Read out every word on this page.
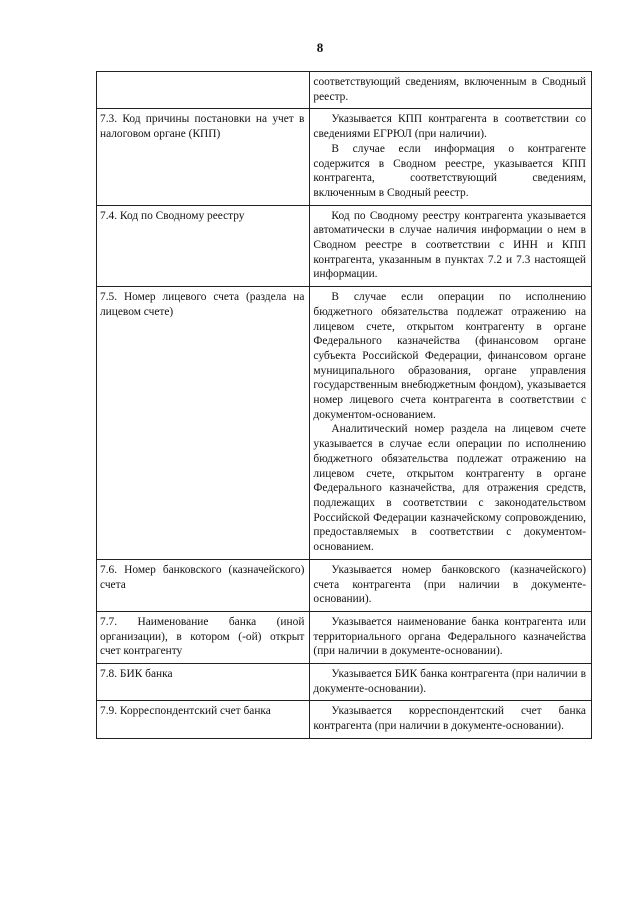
8

	соответствующий сведениям, включенным в Сводный реестр.

7.3. Код причины постановки на учет в налоговом органе (КПП)	Указывается КПП контрагента в соответствии со сведениями ЕГРЮЛ (при наличии).

В случае если информация о контрагенте содержится в Сводном реестре, указывается КПП контрагента, соответствующий сведениям, включенным в Сводный реестр.

7.4. Код по Сводному реестру	Код по Сводному реестру контрагента указывается автоматически в случае наличия информации о нем в Сводном реестре в соответствии с ИНН и КПП контрагента, указанным в пунктах 7.2 и 7.3 настоящей информации.

7.5. Номер лицевого счета (раздела на лицевом счете)	В случае если операции по исполнению бюджетного обязательства подлежат отражению на лицевом счете, открытом контрагенту в органе Федерального казначейства (финансовом органе субъекта Российской Федерации, финансовом органе муниципального образования, органе управления государственным внебюджетным фондом), указывается номер лицевого счета контрагента в соответствии с документом-основанием.

Аналитический номер раздела на лицевом счете указывается в случае если операции по исполнению бюджетного обязательства подлежат отражению на лицевом счете, открытом контрагенту в органе Федерального казначейства, для отражения средств, подлежащих в соответствии с законодательством Российской Федерации казначейскому сопровождению, предоставляемых в соответствии с документом-основанием.

7.6. Номер банковского (казначейского) счета	Указывается номер банковского (казначейского) счета контрагента (при наличии в документе-основании).

7.7. Наименование банка (иной организации), в котором (-ой) открыт счет контрагенту	Указывается наименование банка контрагента или территориального органа Федерального казначейства (при наличии в документе-основании).

7.8. БИК банка	Указывается БИК банка контрагента (при наличии в документе-основании).

7.9. Корреспондентский счет банка	Указывается корреспондентский счет банка контрагента (при наличии в документе-основании).
